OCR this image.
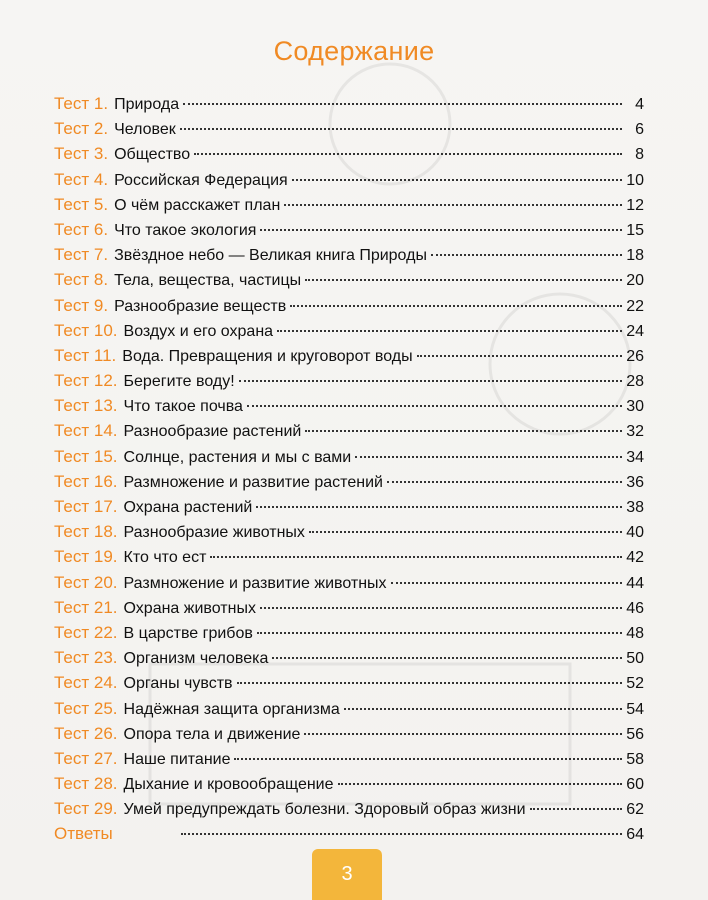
Содержание
Тест 1. Природа	4
Тест 2. Человек	6
Тест 3. Общество	8
Тест 4. Российская Федерация	10
Тест 5. О чём расскажет план	12
Тест 6. Что такое экология	15
Тест 7. Звёздное небо — Великая книга Природы	18
Тест 8. Тела, вещества, частицы	20
Тест 9. Разнообразие веществ	22
Тест 10. Воздух и его охрана	24
Тест 11. Вода. Превращения и круговорот воды	26
Тест 12. Берегите воду!	28
Тест 13. Что такое почва	30
Тест 14. Разнообразие растений	32
Тест 15. Солнце, растения и мы с вами	34
Тест 16. Размножение и развитие растений	36
Тест 17. Охрана растений	38
Тест 18. Разнообразие животных	40
Тест 19. Кто что ест	42
Тест 20. Размножение и развитие животных	44
Тест 21. Охрана животных	46
Тест 22. В царстве грибов	48
Тест 23. Организм человека	50
Тест 24. Органы чувств	52
Тест 25. Надёжная защита организма	54
Тест 26. Опора тела и движение	56
Тест 27. Наше питание	58
Тест 28. Дыхание и кровообращение	60
Тест 29. Умей предупреждать болезни. Здоровый образ жизни	62
Ответы	64
3
